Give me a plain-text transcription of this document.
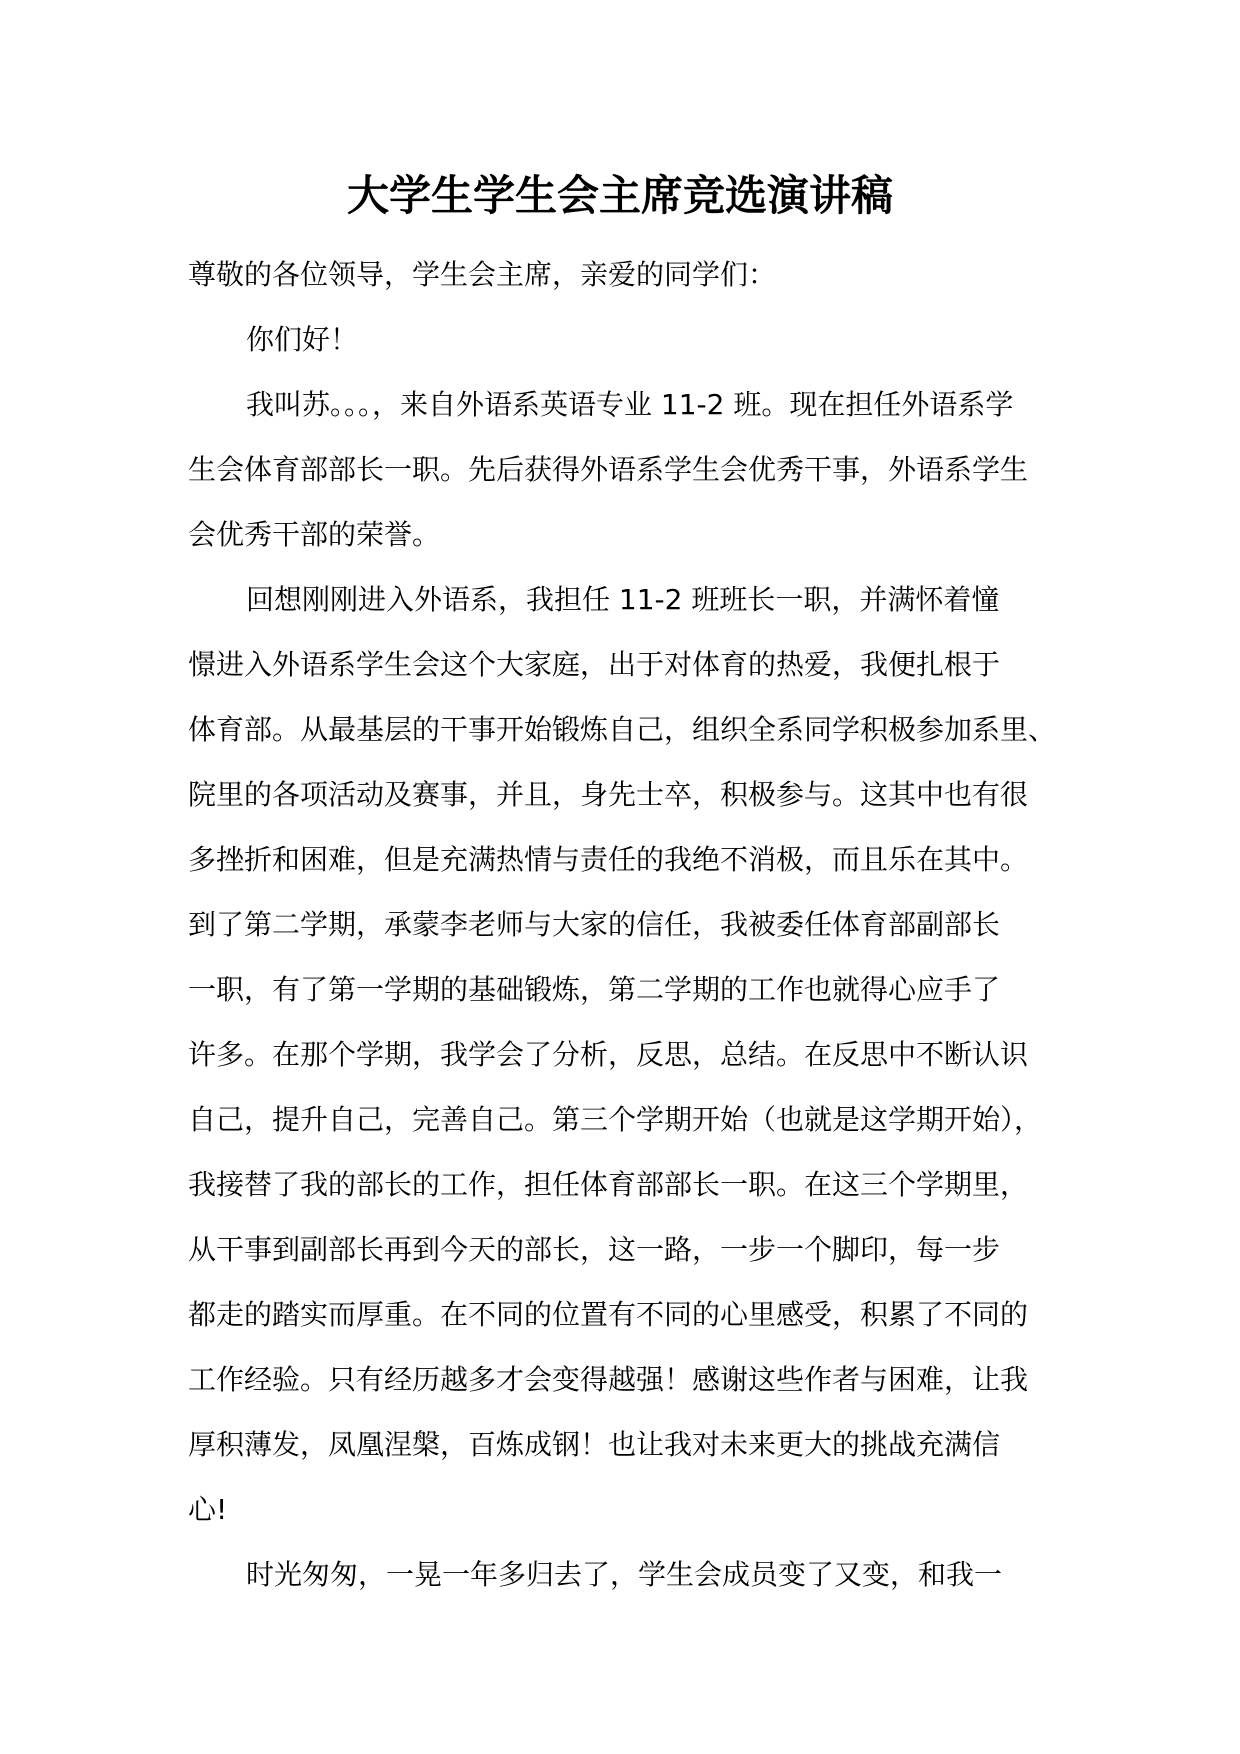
大学生学生会主席竞选演讲稿

尊敬的各位领导，学生会主席，亲爱的同学们：

你们好！

我叫苏。。。，来自外语系英语专业 11-2 班。现在担任外语系学

生会体育部部长一职。先后获得外语系学生会优秀干事，外语系学生

会优秀干部的荣誉。

回想刚刚进入外语系，我担任 11-2 班班长一职，并满怀着憧

憬进入外语系学生会这个大家庭，出于对体育的热爱，我便扎根于

体育部。从最基层的干事开始锻炼自己，组织全系同学积极参加系里、

院里的各项活动及赛事，并且，身先士卒，积极参与。这其中也有很

多挫折和困难，但是充满热情与责任的我绝不消极，而且乐在其中。

到了第二学期，承蒙李老师与大家的信任，我被委任体育部副部长

一职，有了第一学期的基础锻炼，第二学期的工作也就得心应手了

许多。在那个学期，我学会了分析，反思，总结。在反思中不断认识

自己，提升自己，完善自己。第三个学期开始（也就是这学期开始），

我接替了我的部长的工作，担任体育部部长一职。在这三个学期里，

从干事到副部长再到今天的部长，这一路，一步一个脚印，每一步

都走的踏实而厚重。在不同的位置有不同的心里感受，积累了不同的

工作经验。只有经历越多才会变得越强！感谢这些作者与困难，让我

厚积薄发，凤凰涅槃，百炼成钢！也让我对未来更大的挑战充满信

心!

时光匆匆，一晃一年多归去了，学生会成员变了又变，和我一
